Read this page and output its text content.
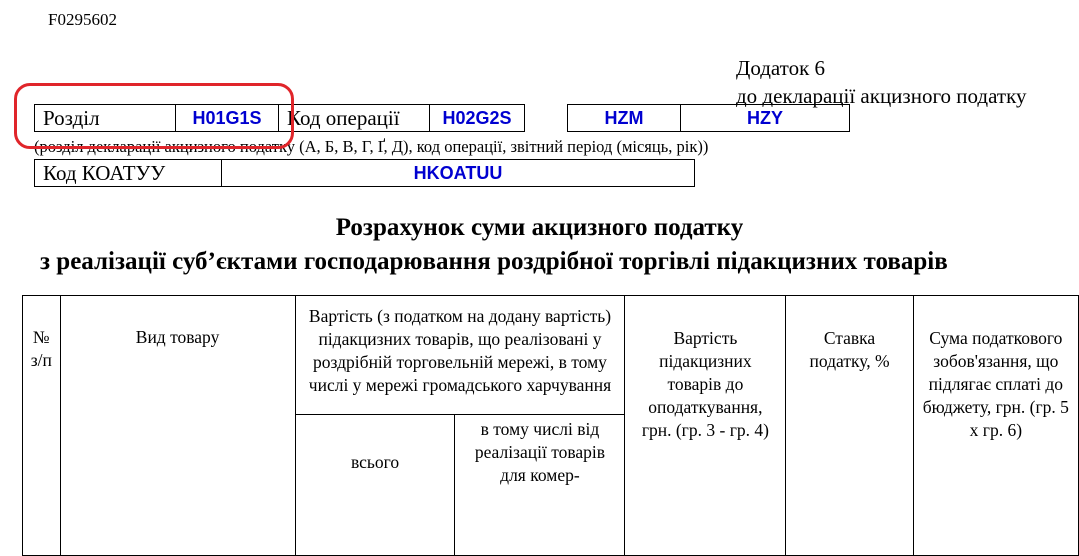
F0295602
Додаток 6
до декларації акцизного податку
Розділ	H01G1S	Код операції	H02G2S		HZM	HZY
(розділ декларації акцизного податку (А, Б, В, Г, Ґ, Д), код операції, звітний період (місяць, рік))
Код КОАТУУ	HKOATUU
Розрахунок суми акцизного податку
з реалізації суб’єктами господарювання роздрібної торгівлі підакцизних товарів
№ з/п	Вид товару	Вартість (з податком на додану вартість) підакцизних товарів, що реалізовані у роздрібній торговельній мережі, в тому числі у мережі громадського харчування		Вартість підакцизних товарів до оподаткування, грн. (гр. 3 - гр. 4)	Ставка податку, %	Сума податкового зобов'язання, що підлягає сплаті до бюджету, грн. (гр. 5 х гр. 6)
		всього	в тому числі від реалізації товарів для комер-			
